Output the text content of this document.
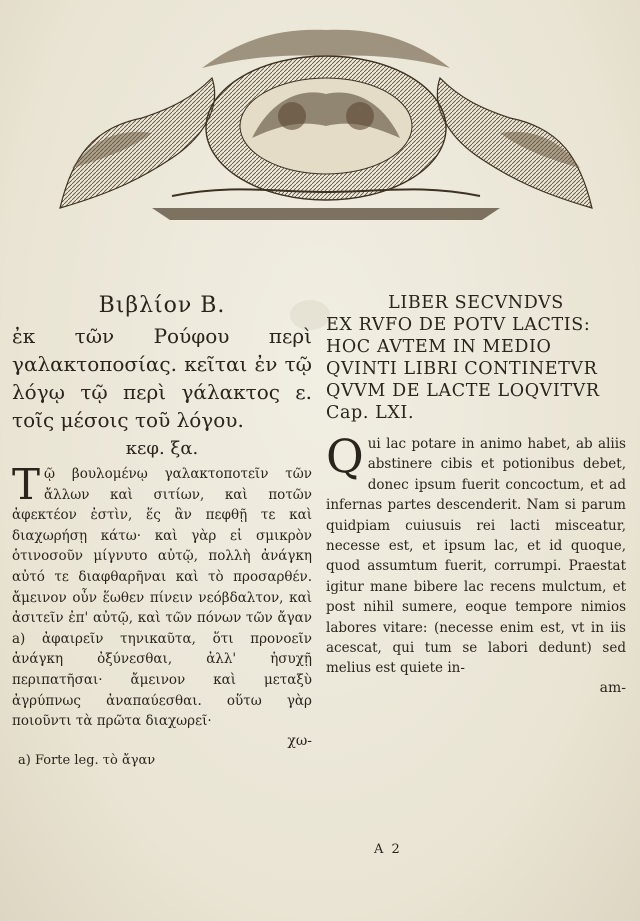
Βιβλίον Β.

ἐκ τῶν Ρούφου περὶ γαλακτοποσίας. κεῖται ἐν τῷ λόγῳ τῷ περὶ γάλακτος ε. τοῖς μέσοις τοῦ λόγου.

κεφ. ξα.

Τῷ βουλομένῳ γαλακτοποτεῖν τῶν ἄλλων καὶ σιτίων, καὶ ποτῶν ἀφεκτέον ἐστὶν, ἕς ἂν πεφθῇ τε καὶ διαχωρήσῃ κάτω· καὶ γὰρ εἰ σμικρὸν ὁτινοσοῦν μίγνυτο αὐτῷ, πολλὴ ἀνάγκη αὐτό τε διαφθαρῆναι καὶ τὸ προσαρθέν. ἄμεινον οὖν ἕωθεν πίνειν νεόβδαλτον, καὶ ἀσιτεῖν ἐπ' αὐτῷ, καὶ τῶν πόνων τῶν ἄγαν a) ἀφαιρεῖν τηνικαῦτα, ὅτι προνοεῖν ἀνάγκη ὀξύνεσθαι, ἀλλ' ἡσυχῇ περιπατῆσαι· ἄμεινον καὶ μεταξὺ ἀγρύπνως ἀναπαύεσθαι. οὕτω γὰρ ποιοῦντι τὰ πρῶτα διαχωρεῖ·

χω-

a) Forte leg. τὸ ἄγαν

LIBER SECVNDVS
EX RVFO DE POTV LACTIS: HOC AVTEM IN MEDIO QVINTI LIBRI CONTINETVR QVVM DE LACTE LOQVITVR Cap. LXI.

Qui lac potare in animo habet, ab aliis abstinere cibis et potionibus debet, donec ipsum fuerit concoctum, et ad infernas partes descenderit. Nam si parum quidpiam cuiusuis rei lacti misceatur, necesse est, et ipsum lac, et id quoque, quod assumtum fuerit, corrumpi. Praestat igitur mane bibere lac recens mulctum, et post nihil sumere, eoque tempore nimios labores vitare: (necesse enim est, vt in iis acescat, qui tum se labori dedunt) sed melius est quiete in-

am-

A 2
